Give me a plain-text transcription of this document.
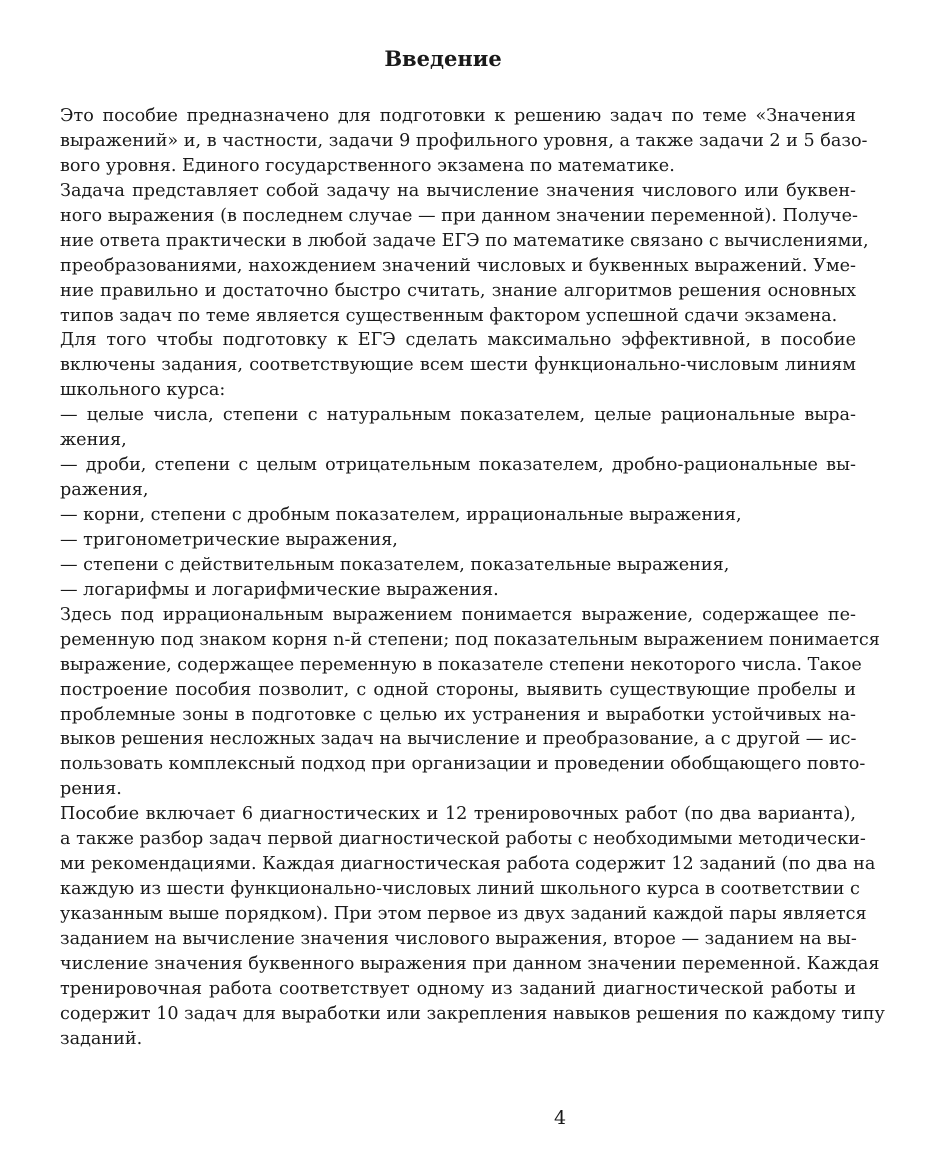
Введение
Это пособие предназначено для подготовки к решению задач по теме «Значения
выражений» и, в частности, задачи 9 профильного уровня, а также задачи 2 и 5 базо-
вого уровня. Единого государственного экзамена по математике.
Задача представляет собой задачу на вычисление значения числового или буквен-
ного выражения (в последнем случае — при данном значении переменной). Получе-
ние ответа практически в любой задаче ЕГЭ по математике связано с вычислениями,
преобразованиями, нахождением значений числовых и буквенных выражений. Уме-
ние правильно и достаточно быстро считать, знание алгоритмов решения основных
типов задач по теме является существенным фактором успешной сдачи экзамена.
Для того чтобы подготовку к ЕГЭ сделать максимально эффективной, в пособие
включены задания, соответствующие всем шести функционально-числовым линиям
школьного курса:
— целые числа, степени с натуральным показателем, целые рациональные выра-
жения,
— дроби, степени с целым отрицательным показателем, дробно-рациональные вы-
ражения,
— корни, степени с дробным показателем, иррациональные выражения,
— тригонометрические выражения,
— степени с действительным показателем, показательные выражения,
— логарифмы и логарифмические выражения.
Здесь под иррациональным выражением понимается выражение, содержащее пе-
ременную под знаком корня n-й степени; под показательным выражением понимается
выражение, содержащее переменную в показателе степени некоторого числа. Такое
построение пособия позволит, с одной стороны, выявить существующие пробелы и
проблемные зоны в подготовке с целью их устранения и выработки устойчивых на-
выков решения несложных задач на вычисление и преобразование, а с другой — ис-
пользовать комплексный подход при организации и проведении обобщающего повто-
рения.
Пособие включает 6 диагностических и 12 тренировочных работ (по два варианта),
а также разбор задач первой диагностической работы с необходимыми методически-
ми рекомендациями. Каждая диагностическая работа содержит 12 заданий (по два на
каждую из шести функционально-числовых линий школьного курса в соответствии с
указанным выше порядком). При этом первое из двух заданий каждой пары является
заданием на вычисление значения числового выражения, второе — заданием на вы-
числение значения буквенного выражения при данном значении переменной. Каждая
тренировочная работа соответствует одному из заданий диагностической работы и
содержит 10 задач для выработки или закрепления навыков решения по каждому типу
заданий.
4
